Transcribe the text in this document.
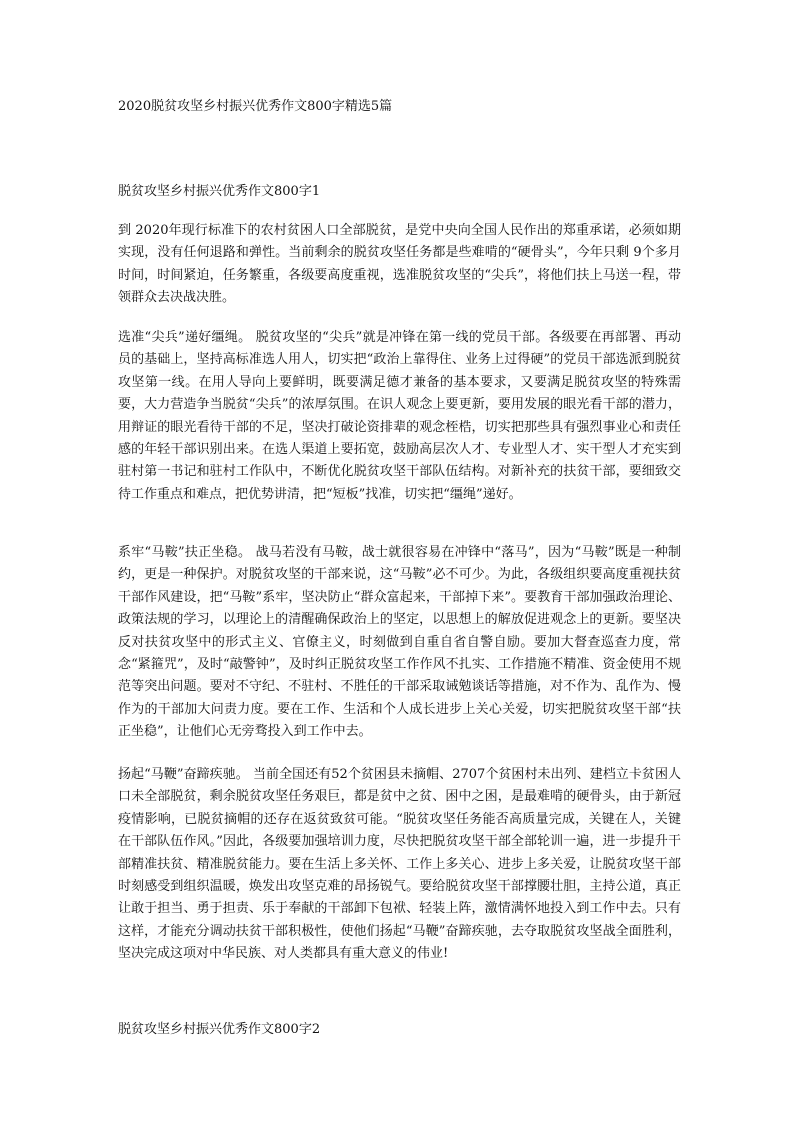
2020脱贫攻坚乡村振兴优秀作文800字精选5篇
脱贫攻坚乡村振兴优秀作文800字1

到 2020年现行标准下的农村贫困人口全部脱贫，是党中央向全国人民作出的郑重承诺，必须如期实现，没有任何退路和弹性。当前剩余的脱贫攻坚任务都是些难啃的“硬骨头”，今年只剩 9个多月时间，时间紧迫，任务繁重，各级要高度重视，选准脱贫攻坚的“尖兵”，将他们扶上马送一程，带领群众去决战决胜。

选准“尖兵”递好缰绳。 脱贫攻坚的“尖兵”就是冲锋在第一线的党员干部。各级要在再部署、再动员的基础上，坚持高标准选人用人，切实把“政治上靠得住、业务上过得硬”的党员干部选派到脱贫攻坚第一线。在用人导向上要鲜明，既要满足德才兼备的基本要求，又要满足脱贫攻坚的特殊需要，大力营造争当脱贫“尖兵”的浓厚氛围。在识人观念上要更新，要用发展的眼光看干部的潜力，用辩证的眼光看待干部的不足，坚决打破论资排辈的观念桎梏，切实把那些具有强烈事业心和责任感的年轻干部识别出来。在选人渠道上要拓宽，鼓励高层次人才、专业型人才、实干型人才充实到驻村第一书记和驻村工作队中，不断优化脱贫攻坚干部队伍结构。对新补充的扶贫干部，要细致交待工作重点和难点，把优势讲清，把“短板”找准，切实把“缰绳”递好。

系牢“马鞍”扶正坐稳。 战马若没有马鞍，战士就很容易在冲锋中“落马”，因为“马鞍”既是一种制约，更是一种保护。对脱贫攻坚的干部来说，这“马鞍”必不可少。为此，各级组织要高度重视扶贫干部作风建设，把“马鞍”系牢，坚决防止“群众富起来，干部掉下来”。要教育干部加强政治理论、政策法规的学习，以理论上的清醒确保政治上的坚定，以思想上的解放促进观念上的更新。要坚决反对扶贫攻坚中的形式主义、官僚主义，时刻做到自重自省自警自励。要加大督查巡查力度，常念“紧箍咒”，及时“敲警钟”，及时纠正脱贫攻坚工作作风不扎实、工作措施不精准、资金使用不规范等突出问题。要对不守纪、不驻村、不胜任的干部采取诫勉谈话等措施，对不作为、乱作为、慢作为的干部加大问责力度。要在工作、生活和个人成长进步上关心关爱，切实把脱贫攻坚干部“扶正坐稳”，让他们心无旁骛投入到工作中去。

扬起“马鞭”奋蹄疾驰。 当前全国还有52个贫困县未摘帽、2707个贫困村未出列、建档立卡贫困人口未全部脱贫，剩余脱贫攻坚任务艰巨，都是贫中之贫、困中之困，是最难啃的硬骨头，由于新冠疫情影响，已脱贫摘帽的还存在返贫致贫可能。“脱贫攻坚任务能否高质量完成，关键在人，关键在干部队伍作风。”因此，各级要加强培训力度，尽快把脱贫攻坚干部全部轮训一遍，进一步提升干部精准扶贫、精准脱贫能力。要在生活上多关怀、工作上多关心、进步上多关爱，让脱贫攻坚干部时刻感受到组织温暖，焕发出攻坚克难的昂扬锐气。要给脱贫攻坚干部撑腰壮胆，主持公道，真正让敢于担当、勇于担责、乐于奉献的干部卸下包袱、轻装上阵，激情满怀地投入到工作中去。只有这样，才能充分调动扶贫干部积极性，使他们扬起“马鞭”奋蹄疾驰，去夺取脱贫攻坚战全面胜利，坚决完成这项对中华民族、对人类都具有重大意义的伟业!

脱贫攻坚乡村振兴优秀作文800字2
